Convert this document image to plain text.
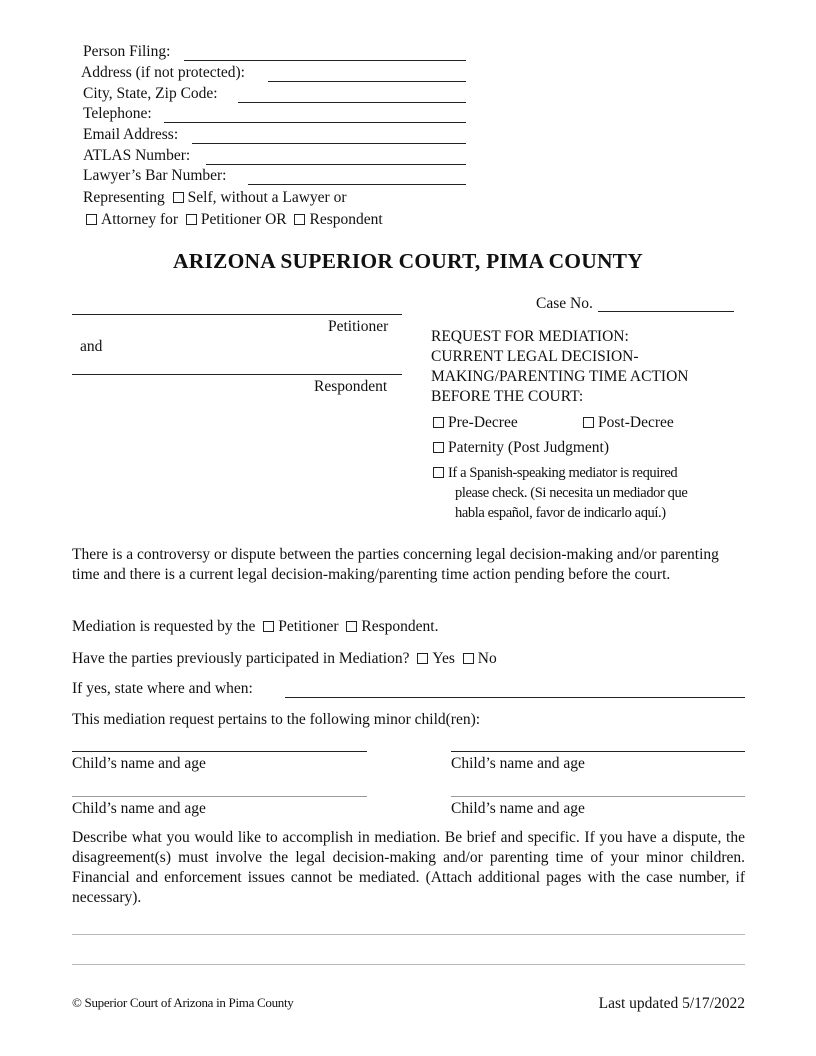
Person Filing:
Address (if not protected):
City, State, Zip Code:
Telephone:
Email Address:
ATLAS Number:
Lawyer’s Bar Number:
Representing Self, without a Lawyer or
Attorney for Petitioner OR Respondent
ARIZONA SUPERIOR COURT, PIMA COUNTY
Petitioner
and
Respondent
Case No.
REQUEST FOR MEDIATION:
CURRENT LEGAL DECISION-
MAKING/PARENTING TIME ACTION
BEFORE THE COURT:
Pre-Decree	Post-Decree
Paternity (Post Judgment)
If a Spanish-speaking mediator is required
please check. (Si necesita un mediador que
habla español, favor de indicarlo aquí.)
There is a controversy or dispute between the parties concerning legal decision-making and/or parenting time and there is a current legal decision-making/parenting time action pending before the court.
Mediation is requested by the Petitioner Respondent.
Have the parties previously participated in Mediation? Yes No
If yes, state where and when:
This mediation request pertains to the following minor child(ren):
Child’s name and age	Child’s name and age
Child’s name and age	Child’s name and age
Describe what you would like to accomplish in mediation. Be brief and specific. If you have a dispute, the disagreement(s) must involve the legal decision-making and/or parenting time of your minor children. Financial and enforcement issues cannot be mediated. (Attach additional pages with the case number, if necessary).
© Superior Court of Arizona in Pima County	Last updated 5/17/2022
